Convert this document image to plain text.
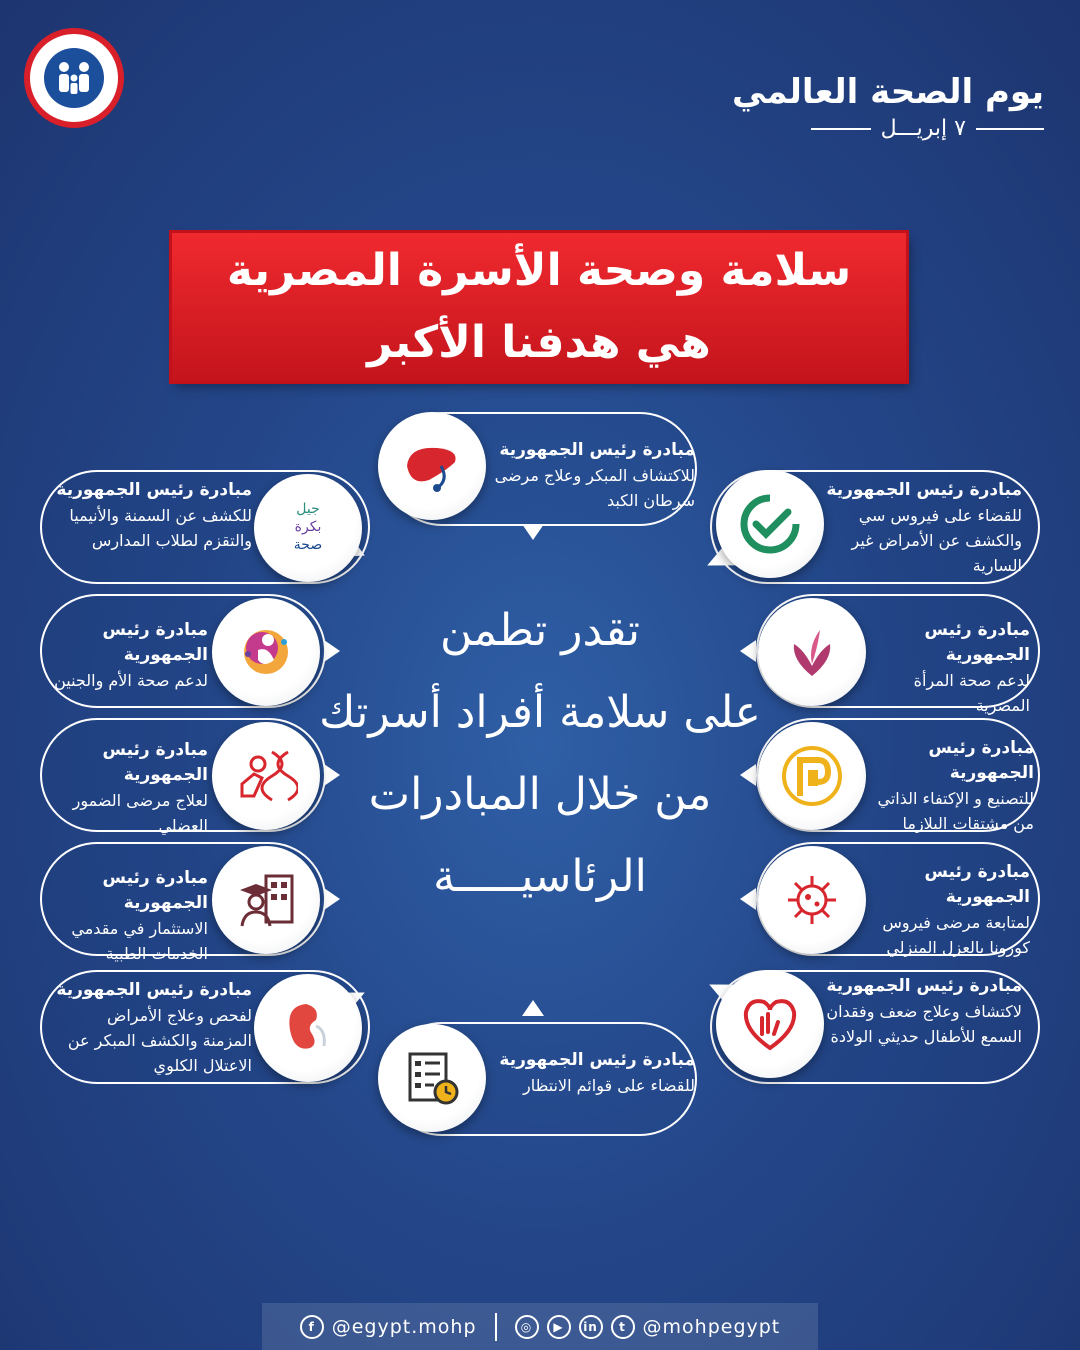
يوم الصحة العالمي
٧ إبريـــل
سلامة وصحة الأسرة المصرية
هي هدفنا الأكبر
تقدر تطمن
على سلامة أفراد أسرتك
من خلال المبادرات
الرئاسيـــــة
مبادرة رئيس الجمهورية
للاكتشاف المبكر وعلاج مرضى سرطان الكبد
جيل
بكرة
صحة
مبادرة رئيس الجمهورية
للكشف عن السمنة والأنيميا والتقزم لطلاب المدارس
مبادرة رئيس الجمهورية
للقضاء على فيروس سي والكشف عن الأمراض غير السارية
مبادرة رئيس الجمهورية
لدعم صحة الأم والجنين
مبادرة رئيس الجمهورية
لدعم صحة المرأة المصرية
مبادرة رئيس الجمهورية
لعلاج مرضى الضمور العضلي
مبادرة رئيس الجمهورية
للتصنيع و الإكتفاء الذاتي من مشتقات البلازما
مبادرة رئيس الجمهورية
الاستثمار في مقدمي الخدمات الطبية
مبادرة رئيس الجمهورية
لمتابعة مرضى فيروس كورونا بالعزل المنزلي
مبادرة رئيس الجمهورية
لفحص وعلاج الأمراض المزمنة والكشف المبكر عن الاعتلال الكلوي	مبادرة رئيس الجمهورية
للقضاء على قوائم الانتظار
مبادرة رئيس الجمهورية
لاكتشاف وعلاج ضعف وفقدان السمع للأطفال حديثي الولادة
f @egypt.mohp	◎	▶	in	t @mohpegypt
